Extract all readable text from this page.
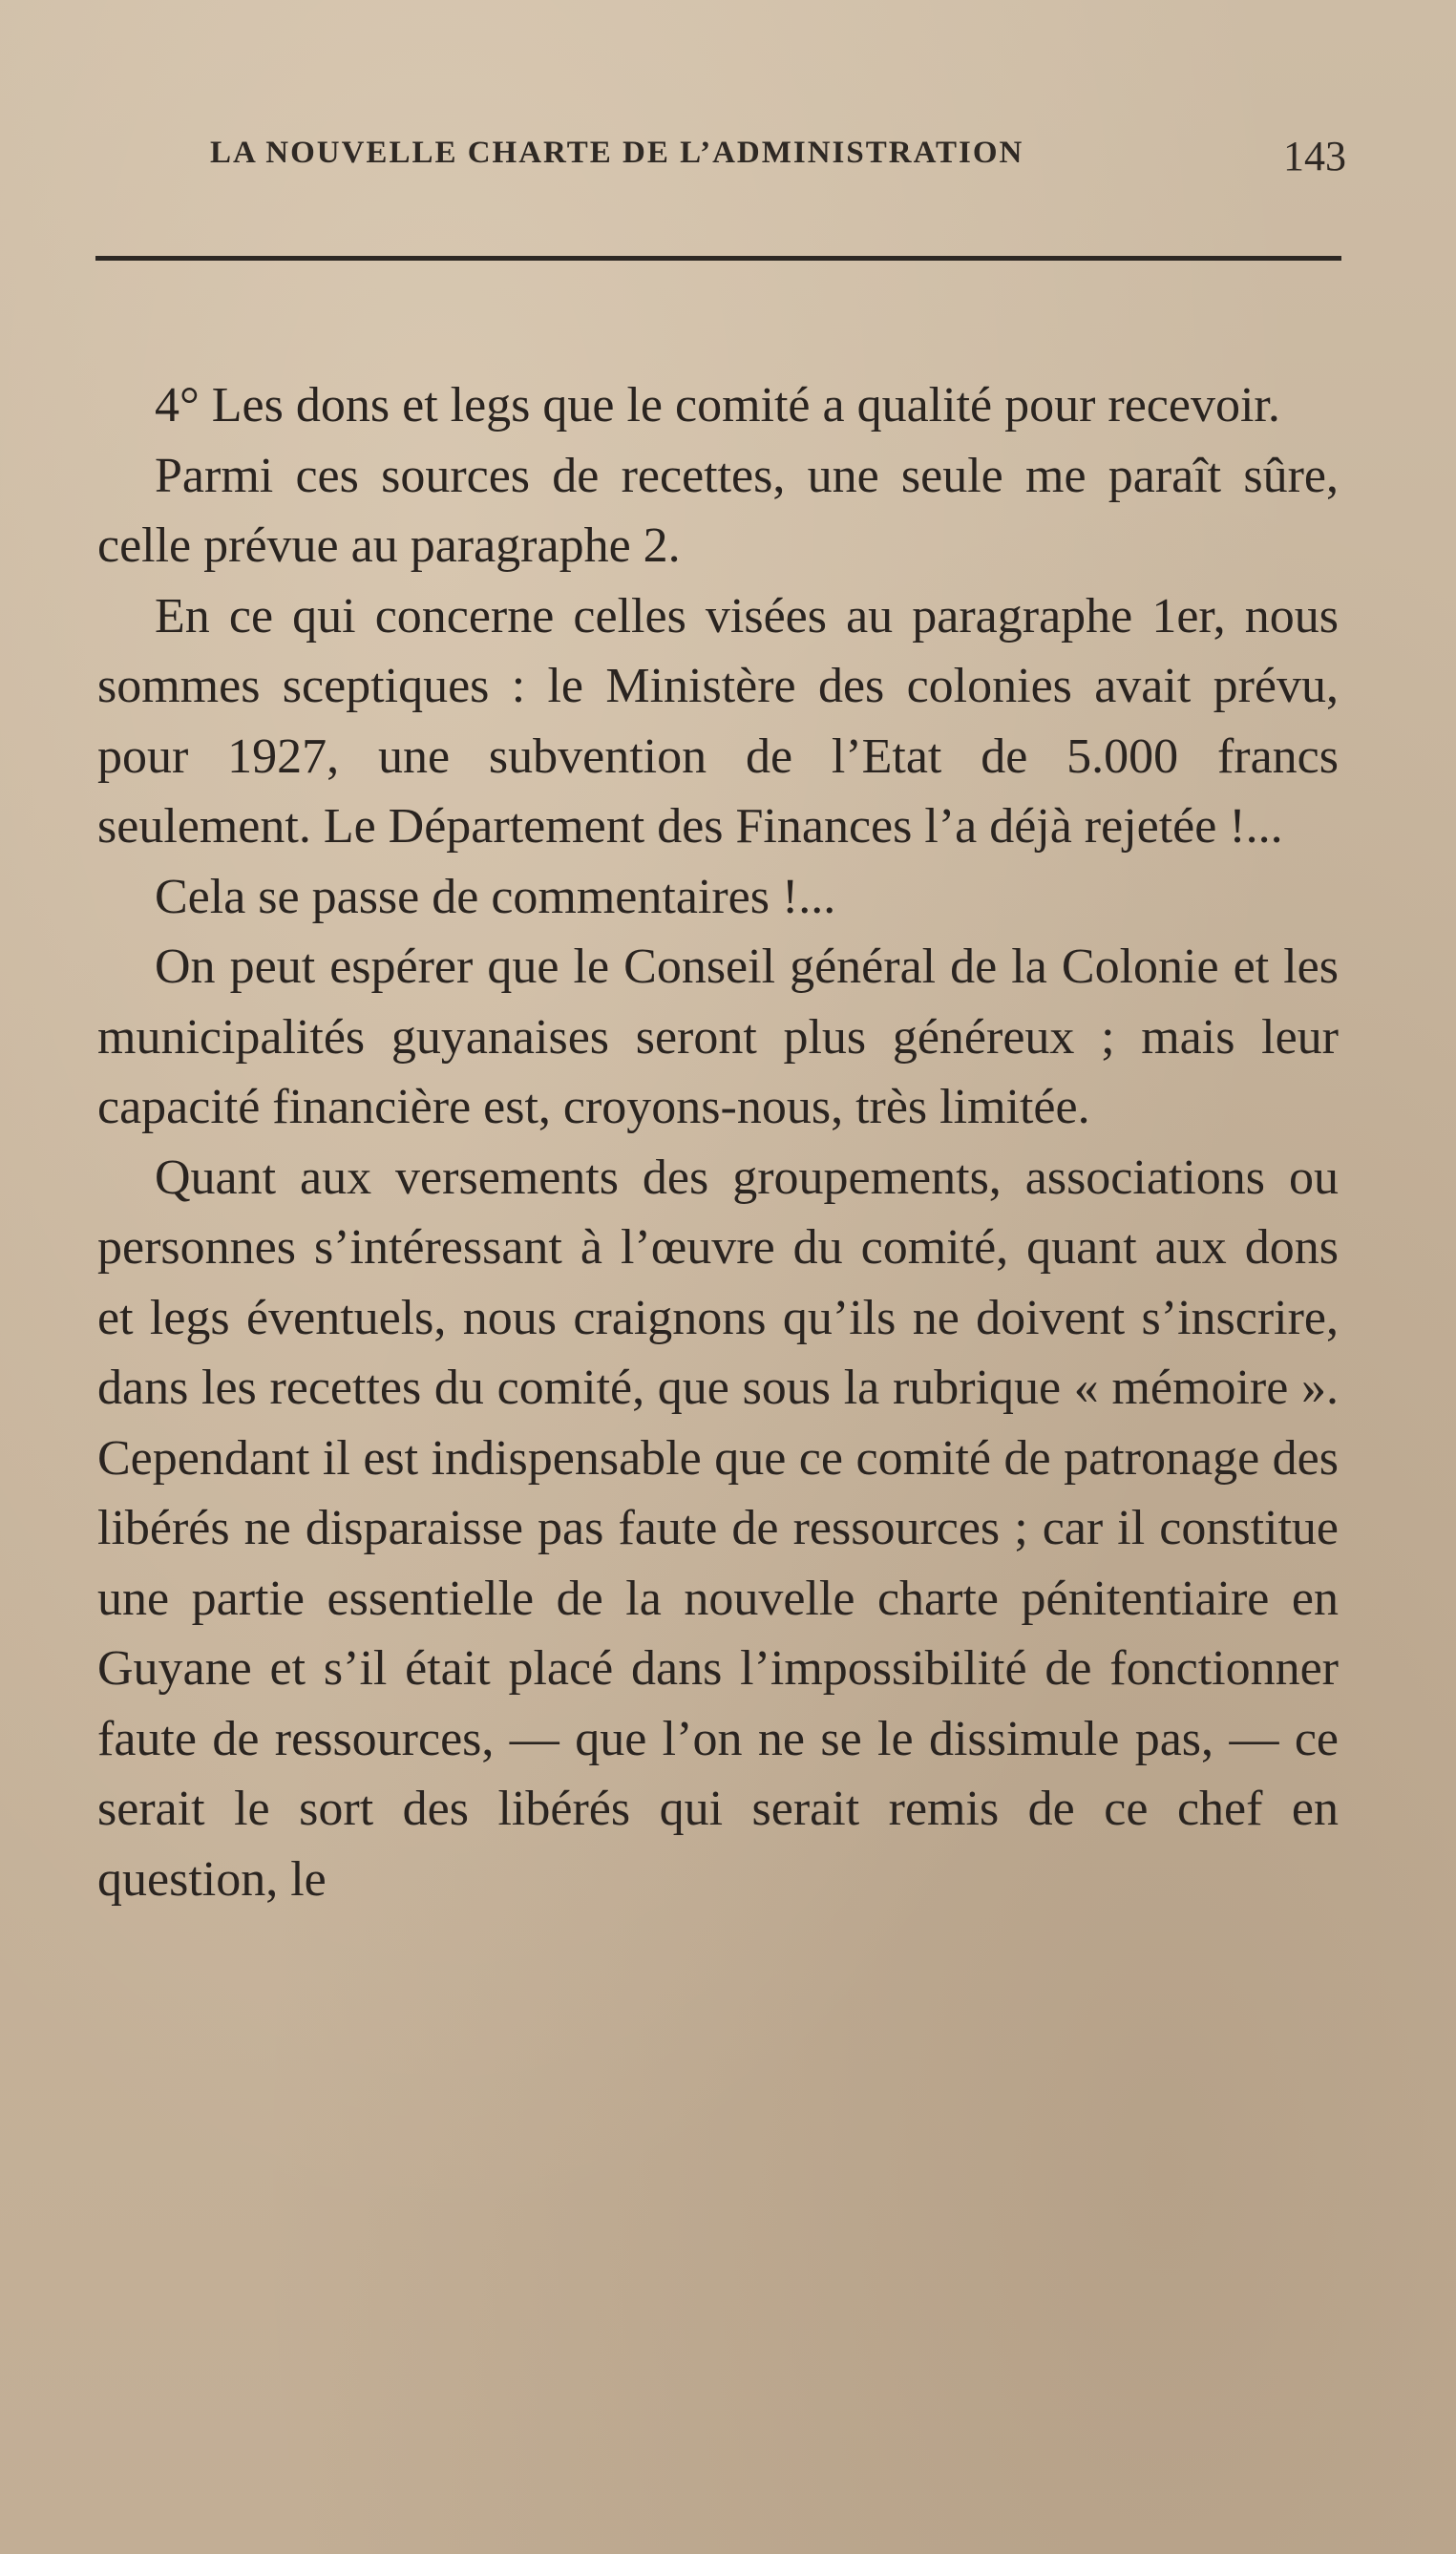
LA NOUVELLE CHARTE DE L’ADMINISTRATION	143

4° Les dons et legs que le comité a qualité pour recevoir.

Parmi ces sources de recettes, une seule me paraît sûre, celle prévue au paragraphe 2.

En ce qui concerne celles visées au paragraphe 1er, nous sommes sceptiques : le Ministère des colonies avait prévu, pour 1927, une subvention de l’Etat de 5.000 francs seulement. Le Département des Finances l’a déjà rejetée !...

Cela se passe de commentaires !...

On peut espérer que le Conseil général de la Colonie et les municipalités guyanaises seront plus généreux ; mais leur capacité financière est, croyons-nous, très limitée.

Quant aux versements des groupements, associations ou personnes s’intéressant à l’œuvre du comité, quant aux dons et legs éventuels, nous craignons qu’ils ne doivent s’inscrire, dans les recettes du comité, que sous la rubrique « mémoire ». Cependant il est indispensable que ce comité de patronage des libérés ne disparaisse pas faute de ressources ; car il constitue une partie essentielle de la nouvelle charte pénitentiaire en Guyane et s’il était placé dans l’impossibilité de fonctionner faute de ressources, — que l’on ne se le dissimule pas, — ce serait le sort des libérés qui serait remis de ce chef en question, le
